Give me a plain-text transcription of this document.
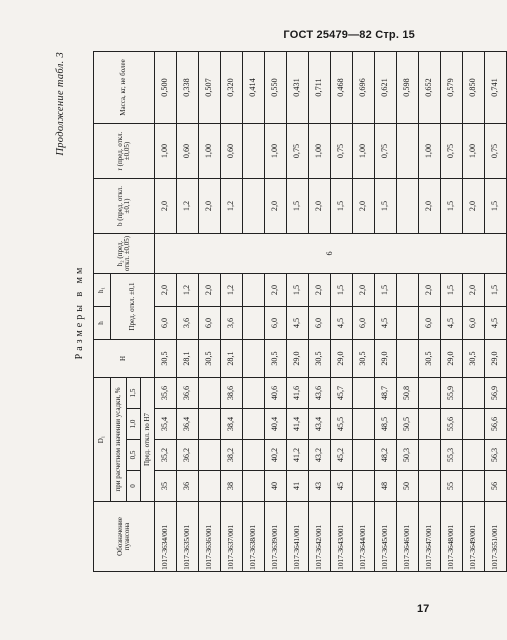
ГОСТ 25479—82 Стр. 15
Продолжение табл. 3
Размеры в мм
Обозначение пуансона	D₁				H	h	h₁	h₂ (пред. откл. ±0,05)	b (пред. откл. ±0,1)	r (пред. откл. ±0,05)	Масса, кг, не более
	при расчетном значении усадки, %					Пред. откл. ±0,1					
	0	0,5	1,0	1,5							
	Пред. откл. по H7										
1017-3634/001	35	35,2	35,4	35,6	30,5	6,0	2,0	6	2,0	1,00	0,500
1017-3635/001	36	36,2	36,4	36,6	28,1	3,6	1,2		1,2	0,60	0,338
1017-3636/001					30,5	6,0	2,0		2,0	1,00	0,507
1017-3637/001	38	38,2	38,4	38,6	28,1	3,6	1,2		1,2	0,60	0,320
1017-3638/001											0,414
1017-3639/001	40	40,2	40,4	40,6	30,5	6,0	2,0		2,0	1,00	0,550
1017-3641/001	41	41,2	41,4	41,6	29,0	4,5	1,5		1,5	0,75	0,431
1017-3642/001	43	43,2	43,4	43,6	30,5	6,0	2,0		2,0	1,00	0,711
1017-3643/001	45	45,2	45,5	45,7	29,0	4,5	1,5		1,5	0,75	0,468
1017-3644/001					30,5	6,0	2,0		2,0	1,00	0,696
1017-3645/001	48	48,2	48,5	48,7	29,0	4,5	1,5		1,5	0,75	0,621
1017-3646/001	50	50,3	50,5	50,8							0,598
1017-3647/001					30,5	6,0	2,0		2,0	1,00	0,652
1017-3648/001	55	55,3	55,6	55,9	29,0	4,5	1,5		1,5	0,75	0,579
1017-3649/001					30,5	6,0	2,0		2,0	1,00	0,850
1017-3651/001	56	56,3	56,6	56,9	29,0	4,5	1,5		1,5	0,75	0,741
17
